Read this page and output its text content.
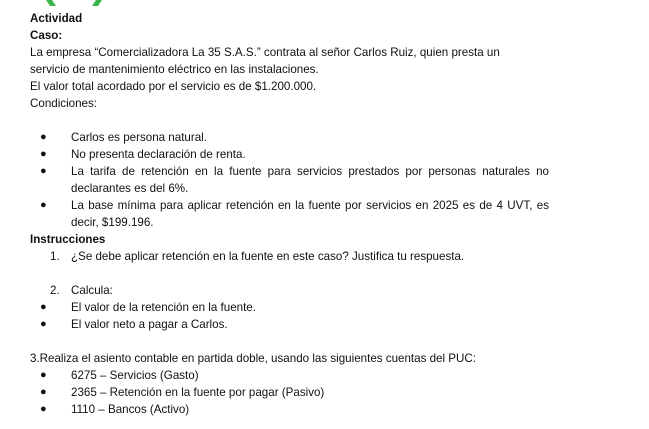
Actividad
Caso:
La empresa “Comercializadora La 35 S.A.S.” contrata al señor Carlos Ruiz, quien presta un
servicio de mantenimiento eléctrico en las instalaciones.
El valor total acordado por el servicio es de $1.200.000.
Condiciones:
● Carlos es persona natural.
● No presenta declaración de renta.
● La tarifa de retención en la fuente para servicios prestados por personas naturales no declarantes es del 6%.
● La base mínima para aplicar retención en la fuente por servicios en 2025 es de 4 UVT, es decir, $199.196.
Instrucciones
1. ¿Se debe aplicar retención en la fuente en este caso? Justifica tu respuesta.
2. Calcula:
● El valor de la retención en la fuente.
● El valor neto a pagar a Carlos.
3.Realiza el asiento contable en partida doble, usando las siguientes cuentas del PUC:
● 6275 – Servicios (Gasto)
● 2365 – Retención en la fuente por pagar (Pasivo)
● 1110 – Bancos (Activo)
